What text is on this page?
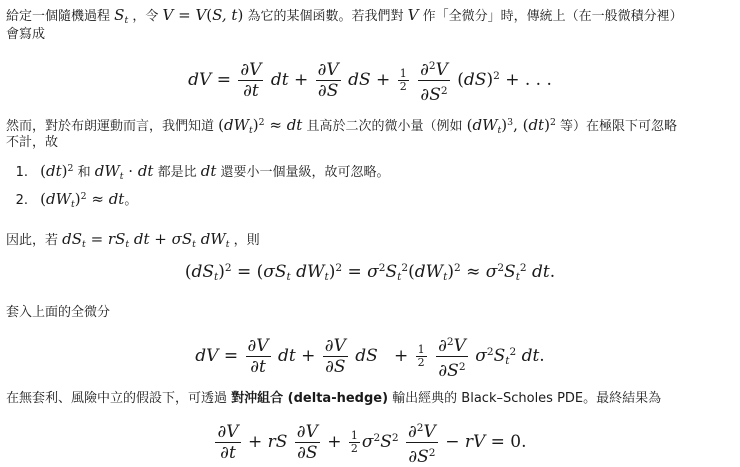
給定一個隨機過程 $S_t$ ，令 V = V(S, t) 為它的某個函數。若我們對 V 作「全微分」時，傳統上（在一般微積分裡）
會寫成
dV = $\frac{\partial V}{\partial t}$ dt + $\frac{\partial V}{\partial S}$ dS + $\frac{1}{2}$
$\frac{\partial^2V}{\partial S^2} (dS)^2$ + . . .
然而，對於布朗運動而言，我們知道 $(dW_t)^2$ ≈ dt 且高於二次的微小量（例如 $(dW_t)^3$, (dt)$^2$ 等）在極限下可忽略
不計，故
1. (dt)$^2$ 和 $dW_t$ · dt 都是比 dt 還要小一個量級，故可忽略。
2. $(dW_t)^2$ ≈ dt。
因此，若 $dS_t = rS_t$ dt + $\sigma S_t$ $dW_t$ ，則
$(dS_t)^2 = (\sigma S_t$ $dW_t)^2 = \sigma^2S_t^2(dW_t)^2 \approx \sigma^2S_t^2$ dt.
套入上面的全微分
dV = $\frac{\partial V}{\partial t}$ dt + $\frac{\partial V}{\partial S}$ dS   + $\frac{1}{2}$
$\frac{\partial^2V}{\partial S^2} \sigma^2S_t^2$ dt.
在無套利、風險中立的假設下，可透過 對沖組合 (delta-hedge) 輸出經典的 Black–Scholes PDE。最終結果為
$\frac{\partial V}{\partial t}$ + rS $\frac{\partial V}{\partial S} + \frac{1}{2} \sigma^2S^2 \frac{\partial^2V}{\partial S^2}$ − rV = 0.
